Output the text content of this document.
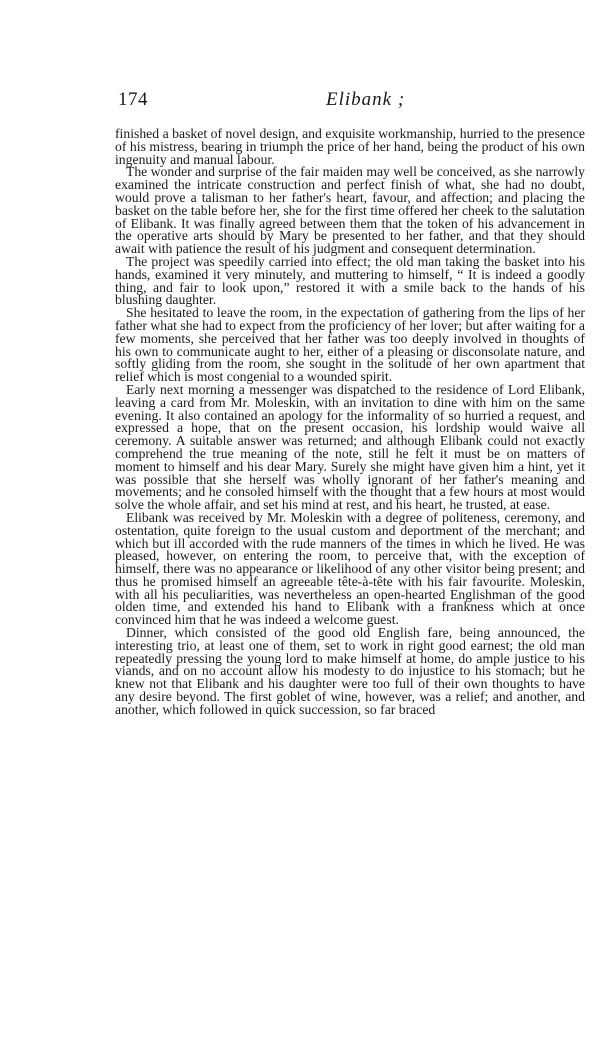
174	Elibank ;

finished a basket of novel design, and exquisite workmanship, hurried to the presence of his mistress, bearing in triumph the price of her hand, being the product of his own ingenuity and manual labour.

The wonder and surprise of the fair maiden may well be conceived, as she narrowly examined the intricate construction and perfect finish of what, she had no doubt, would prove a talisman to her father's heart, favour, and affection; and placing the basket on the table before her, she for the first time offered her cheek to the salutation of Elibank. It was finally agreed between them that the token of his advancement in the operative arts should by Mary be presented to her father, and that they should await with patience the result of his judgment and consequent determination.

The project was speedily carried into effect; the old man taking the basket into his hands, examined it very minutely, and muttering to himself, “ It is indeed a goodly thing, and fair to look upon,” restored it with a smile back to the hands of his blushing daughter.

She hesitated to leave the room, in the expectation of gathering from the lips of her father what she had to expect from the proficiency of her lover; but after waiting for a few moments, she perceived that her father was too deeply involved in thoughts of his own to communicate aught to her, either of a pleasing or disconsolate nature, and softly gliding from the room, she sought in the solitude of her own apartment that relief which is most congenial to a wounded spirit.

Early next morning a messenger was dispatched to the residence of Lord Elibank, leaving a card from Mr. Moleskin, with an invitation to dine with him on the same evening. It also contained an apology for the informality of so hurried a request, and expressed a hope, that on the present occasion, his lordship would waive all ceremony. A suitable answer was returned; and although Elibank could not exactly comprehend the true meaning of the note, still he felt it must be on matters of moment to himself and his dear Mary. Surely she might have given him a hint, yet it was possible that she herself was wholly ignorant of her father's meaning and movements; and he consoled himself with the thought that a few hours at most would solve the whole affair, and set his mind at rest, and his heart, he trusted, at ease.

Elibank was received by Mr. Moleskin with a degree of politeness, ceremony, and ostentation, quite foreign to the usual custom and deportment of the merchant; and which but ill accorded with the rude manners of the times in which he lived. He was pleased, however, on entering the room, to perceive that, with the exception of himself, there was no appearance or likelihood of any other visitor being present; and thus he promised himself an agreeable tête-à-tête with his fair favourite. Moleskin, with all his peculiarities, was nevertheless an open-hearted Englishman of the good olden time, and extended his hand to Elibank with a frankness which at once convinced him that he was indeed a welcome guest.

Dinner, which consisted of the good old English fare, being announced, the interesting trio, at least one of them, set to work in right good earnest; the old man repeatedly pressing the young lord to make himself at home, do ample justice to his viands, and on no account allow his modesty to do injustice to his stomach; but he knew not that Elibank and his daughter were too full of their own thoughts to have any desire beyond. The first goblet of wine, however, was a relief; and another, and another, which followed in quick succession, so far braced
